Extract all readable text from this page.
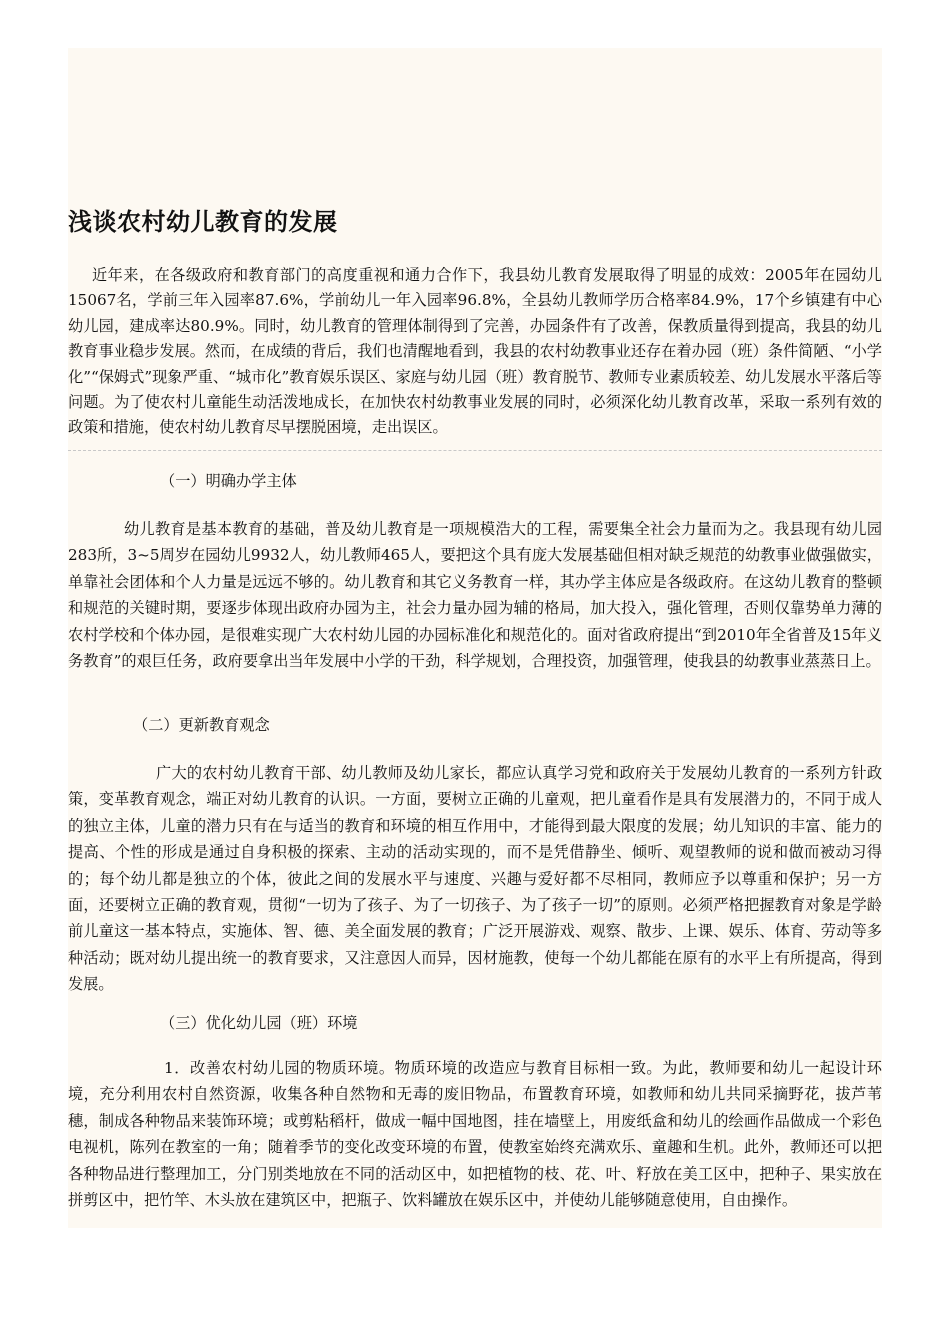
浅谈农村幼儿教育的发展

近年来，在各级政府和教育部门的高度重视和通力合作下，我县幼儿教育发展取得了明显的成效：2005年在园幼儿15067名，学前三年入园率87.6%，学前幼儿一年入园率96.8%，全县幼儿教师学历合格率84.9%，17个乡镇建有中心幼儿园，建成率达80.9%。同时，幼儿教育的管理体制得到了完善，办园条件有了改善，保教质量得到提高，我县的幼儿教育事业稳步发展。然而，在成绩的背后，我们也清醒地看到，我县的农村幼教事业还存在着办园（班）条件简陋、“小学化”“保姆式”现象严重、“城市化”教育娱乐误区、家庭与幼儿园（班）教育脱节、教师专业素质较差、幼儿发展水平落后等问题。为了使农村儿童能生动活泼地成长，在加快农村幼教事业发展的同时，必须深化幼儿教育改革，采取一系列有效的政策和措施，使农村幼儿教育尽早摆脱困境，走出误区。

（一）明确办学主体

幼儿教育是基本教育的基础，普及幼儿教育是一项规模浩大的工程，需要集全社会力量而为之。我县现有幼儿园283所，3~5周岁在园幼儿9932人，幼儿教师465人，要把这个具有庞大发展基础但相对缺乏规范的幼教事业做强做实，单靠社会团体和个人力量是远远不够的。幼儿教育和其它义务教育一样，其办学主体应是各级政府。在这幼儿教育的整顿和规范的关键时期，要逐步体现出政府办园为主，社会力量办园为辅的格局，加大投入，强化管理，否则仅靠势单力薄的农村学校和个体办园，是很难实现广大农村幼儿园的办园标准化和规范化的。面对省政府提出“到2010年全省普及15年义务教育”的艰巨任务，政府要拿出当年发展中小学的干劲，科学规划，合理投资，加强管理，使我县的幼教事业蒸蒸日上。

（二）更新教育观念

广大的农村幼儿教育干部、幼儿教师及幼儿家长，都应认真学习党和政府关于发展幼儿教育的一系列方针政策，变革教育观念，端正对幼儿教育的认识。一方面，要树立正确的儿童观，把儿童看作是具有发展潜力的，不同于成人的独立主体，儿童的潜力只有在与适当的教育和环境的相互作用中，才能得到最大限度的发展；幼儿知识的丰富、能力的提高、个性的形成是通过自身积极的探索、主动的活动实现的，而不是凭借静坐、倾听、观望教师的说和做而被动习得的；每个幼儿都是独立的个体，彼此之间的发展水平与速度、兴趣与爱好都不尽相同，教师应予以尊重和保护；另一方面，还要树立正确的教育观，贯彻“一切为了孩子、为了一切孩子、为了孩子一切”的原则。必须严格把握教育对象是学龄前儿童这一基本特点，实施体、智、德、美全面发展的教育；广泛开展游戏、观察、散步、上课、娱乐、体育、劳动等多种活动；既对幼儿提出统一的教育要求，又注意因人而异，因材施教，使每一个幼儿都能在原有的水平上有所提高，得到发展。

（三）优化幼儿园（班）环境

1．改善农村幼儿园的物质环境。物质环境的改造应与教育目标相一致。为此，教师要和幼儿一起设计环境，充分利用农村自然资源，收集各种自然物和无毒的废旧物品，布置教育环境，如教师和幼儿共同采摘野花，拔芦苇穗，制成各种物品来装饰环境；或剪粘稻杆，做成一幅中国地图，挂在墙壁上，用废纸盒和幼儿的绘画作品做成一个彩色电视机，陈列在教室的一角；随着季节的变化改变环境的布置，使教室始终充满欢乐、童趣和生机。此外，教师还可以把各种物品进行整理加工，分门别类地放在不同的活动区中，如把植物的枝、花、叶、籽放在美工区中，把种子、果实放在拼剪区中，把竹竿、木头放在建筑区中，把瓶子、饮料罐放在娱乐区中，并使幼儿能够随意使用，自由操作。
